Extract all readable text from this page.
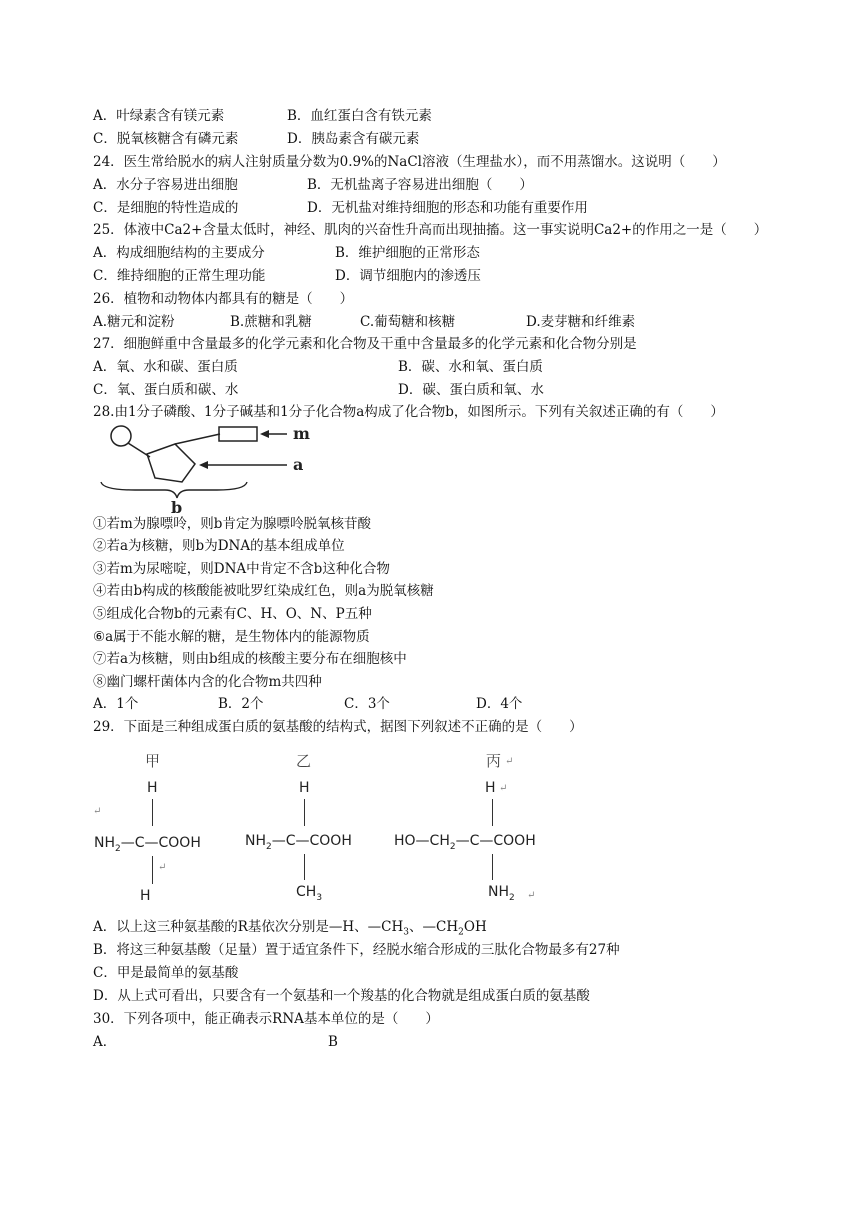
A．叶绿素含有镁元素	B．血红蛋白含有铁元素
C．脱氧核糖含有磷元素	D．胰岛素含有碳元素
24．医生常给脱水的病人注射质量分数为0.9%的NaCl溶液（生理盐水），而不用蒸馏水。这说明（　　）
A．水分子容易进出细胞	B．无机盐离子容易进出细胞（　　）
C．是细胞的特性造成的	D．无机盐对维持细胞的形态和功能有重要作用
25．体液中Ca2+含量太低时，神经、肌肉的兴奋性升高而出现抽搐。这一事实说明Ca2+的作用之一是（　　）
A．构成细胞结构的主要成分	B．维护细胞的正常形态
C．维持细胞的正常生理功能	D．调节细胞内的渗透压
26．植物和动物体内都具有的糖是（　　）
A.糖元和淀粉	B.蔗糖和乳糖	C.葡萄糖和核糖	D.麦芽糖和纤维素
27．细胞鲜重中含量最多的化学元素和化合物及干重中含量最多的化学元素和化合物分别是
A．氧、水和碳、蛋白质	B．碳、水和氧、蛋白质
C．氧、蛋白质和碳、水	D．碳、蛋白质和氧、水
28.由1分子磷酸、1分子碱基和1分子化合物a构成了化合物b，如图所示。下列有关叙述正确的有（　　）
m
a
b
①若m为腺嘌呤，则b肯定为腺嘌呤脱氧核苷酸
②若a为核糖，则b为DNA的基本组成单位
③若m为尿嘧啶，则DNA中肯定不含b这种化合物
④若由b构成的核酸能被吡罗红染成红色，则a为脱氧核糖
⑤组成化合物b的元素有C、H、O、N、P五种
⑥a属于不能水解的糖，是生物体内的能源物质
⑦若a为核糖，则由b组成的核酸主要分布在细胞核中
⑧幽门螺杆菌体内含的化合物m共四种
A．1个	B．2个	C．3个	D．4个
29．下面是三种组成蛋白质的氨基酸的结构式，据图下列叙述不正确的是（　　）
甲
H
↵
$NH_2—C—COOH$
↵
H
乙
H
$NH_2—C—COOH$
$CH_3$
丙 ↵
H ↵
$HO—CH_2—C—COOH$
$NH_2$ ↵
A．以上这三种氨基酸的R基依次分别是—H、$—CH_3$、$—CH_2OH$
B．将这三种氨基酸（足量）置于适宜条件下，经脱水缩合形成的三肽化合物最多有27种
C．甲是最简单的氨基酸
D．从上式可看出，只要含有一个氨基和一个羧基的化合物就是组成蛋白质的氨基酸
30．下列各项中，能正确表示RNA基本单位的是（　　）
A．	B
